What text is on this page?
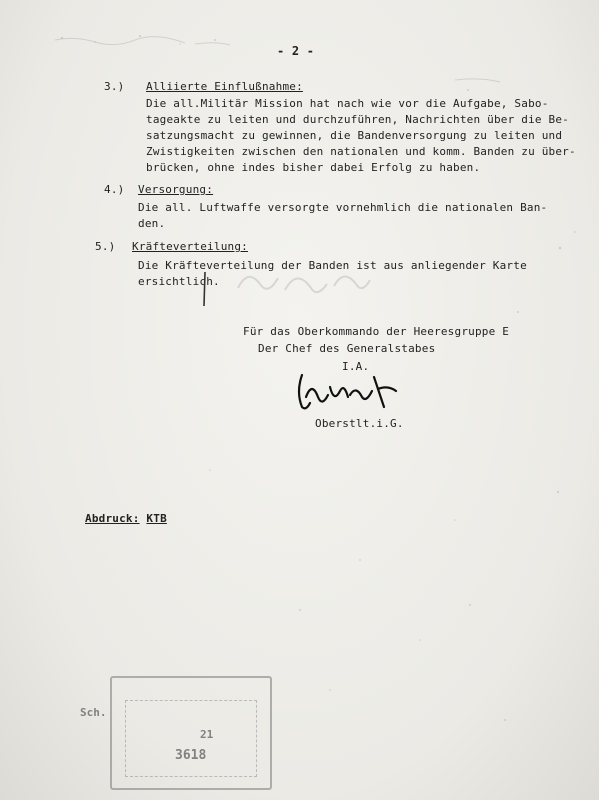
- 2 -
3.) Alliierte Einflußnahme:
Die all.Militär Mission hat nach wie vor die Aufgabe, Sabo-
tageakte zu leiten und durchzuführen, Nachrichten über die Be-
satzungsmacht zu gewinnen, die Bandenversorgung zu leiten und
Zwistigkeiten zwischen den nationalen und komm. Banden zu über-
brücken, ohne indes bisher dabei Erfolg zu haben.
4.) Versorgung:
Die all. Luftwaffe versorgte vornehmlich die nationalen Ban-
den.
5.) Kräfteverteilung:
Die Kräfteverteilung der Banden ist aus anliegender Karte
ersichtlich.
Für das Oberkommando der Heeresgruppe E
Der Chef des Generalstabes
I.A.
Oberstlt.i.G.
Abdruck: KTB
Sch.
21
3618
